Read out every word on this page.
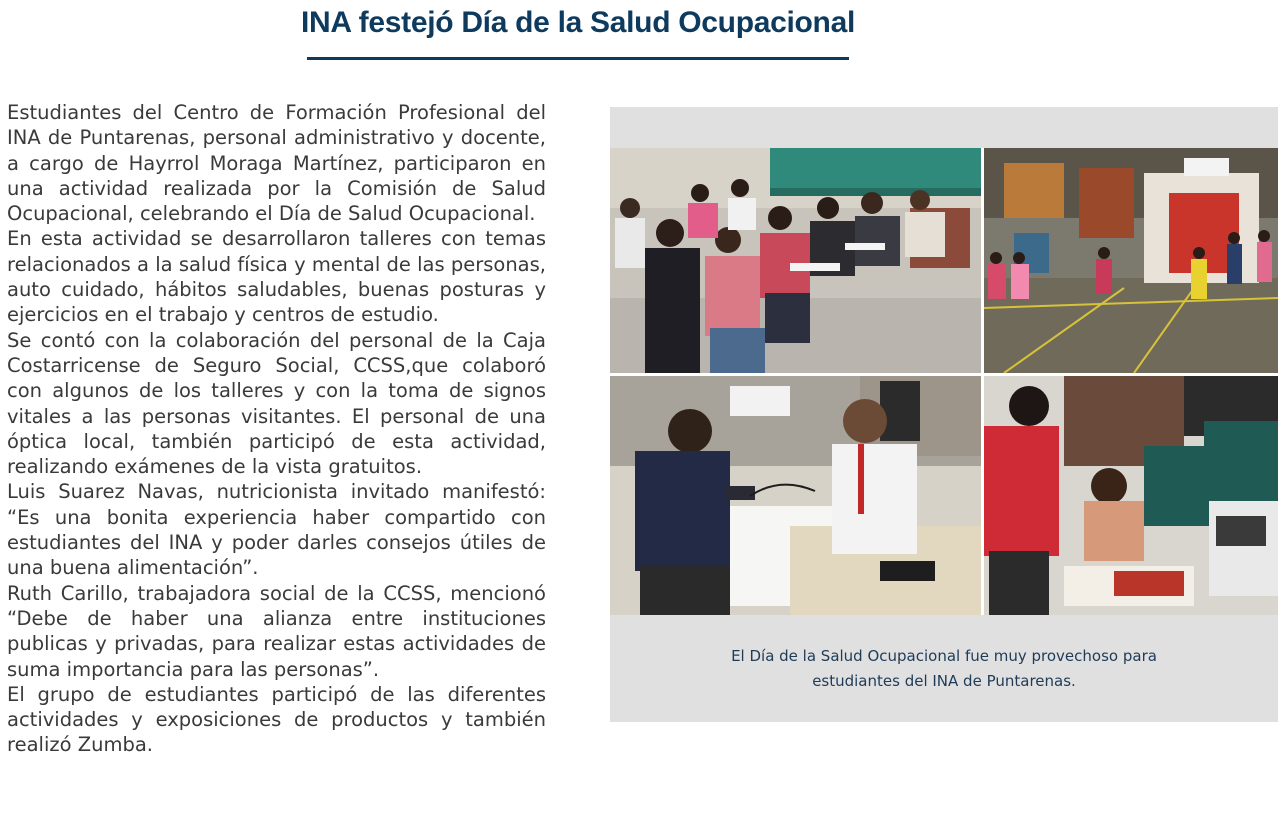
INA festejó Día de la Salud Ocupacional

Estudiantes del Centro de Formación Profesional del INA de Puntarenas, personal administrativo y docente, a cargo de Hayrrol Moraga Martínez, participaron en una actividad realizada por la Comisión de Salud Ocupacional, celebrando el Día de Salud Ocupacional.

En esta actividad se desarrollaron talleres con temas relacionados a la salud física y mental de las personas, auto cuidado, hábitos saludables, buenas posturas y ejercicios en el trabajo y centros de estudio.

Se contó con la colaboración del personal de la Caja Costarricense de Seguro Social, CCSS,que colaboró con algunos de los talleres y con la toma de signos vitales a las personas visitantes. El personal de una óptica local, también participó de esta actividad, realizando exámenes de la vista gratuitos.

Luis Suarez Navas, nutricionista invitado manifestó: “Es una bonita experiencia haber compartido con estudiantes del INA y poder darles consejos útiles de una buena alimentación”.

Ruth Carillo, trabajadora social de la CCSS, mencionó “Debe de haber una alianza entre instituciones publicas y privadas, para realizar estas actividades de suma importancia para las personas”.

El grupo de estudiantes participó de las diferentes actividades y exposiciones de productos y también realizó Zumba.

El Día de la Salud Ocupacional fue muy provechoso para
estudiantes del INA de Puntarenas.
